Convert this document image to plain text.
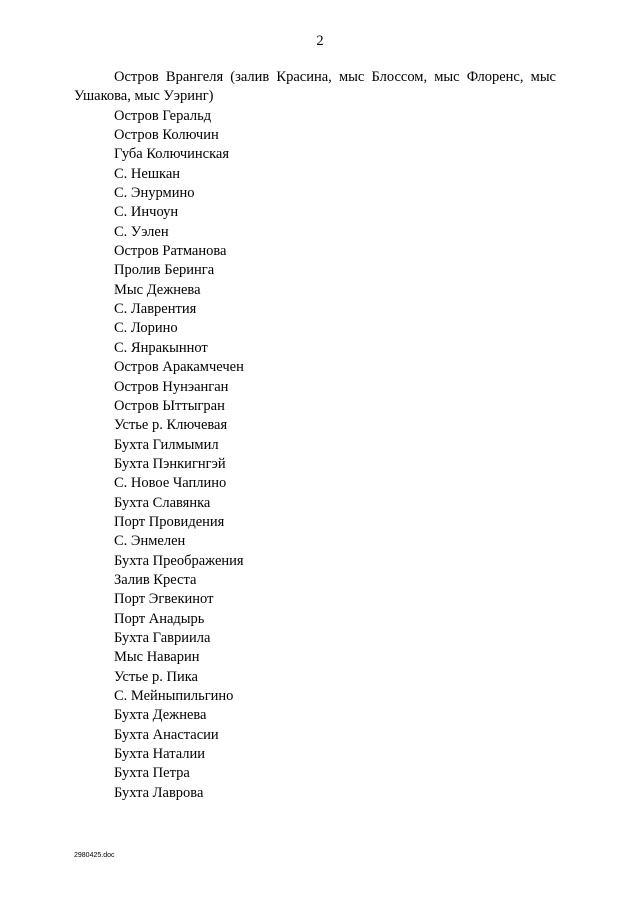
2

Остров Врангеля (залив Красина, мыс Блоссом, мыс Флоренс, мыс Ушакова, мыс Уэринг)

Остров Геральд
Остров Колючин
Губа Колючинская
С. Нешкан
С. Энурмино
С. Инчоун
С. Уэлен
Остров Ратманова
Пролив Беринга
Мыс Дежнева
С. Лаврентия
С. Лорино
С. Янракыннот
Остров Аракамчечен
Остров Нунэанган
Остров Ыттыгран
Устье р. Ключевая
Бухта Гилмымил
Бухта Пэнкигнгэй
С. Новое Чаплино
Бухта Славянка
Порт Провидения
С. Энмелен
Бухта Преображения
Залив Креста
Порт Эгвекинот
Порт Анадырь
Бухта Гавриила
Мыс Наварин
Устье р. Пика
С. Мейныпильгино
Бухта Дежнева
Бухта Анастасии
Бухта Наталии
Бухта Петра
Бухта Лаврова
2980425.doc
